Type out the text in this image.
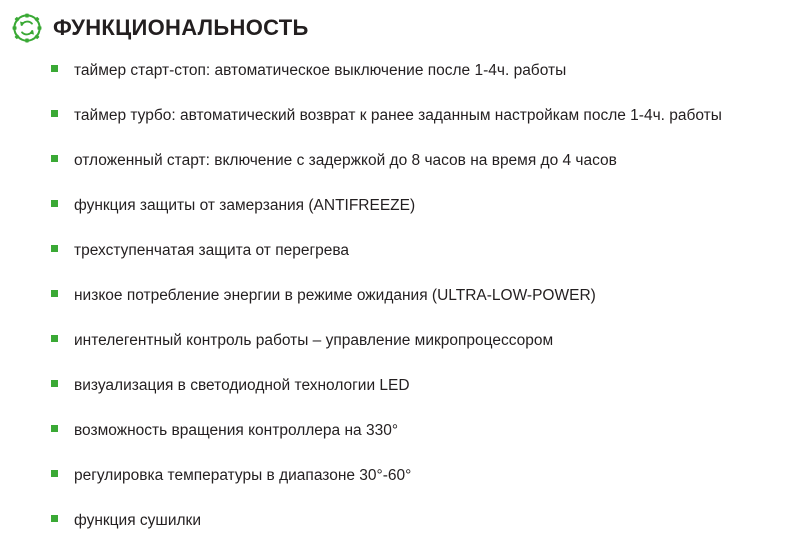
ФУНКЦИОНАЛЬНОСТЬ
таймер старт-стоп: автоматическое выключение после 1-4ч. работы
таймер турбо: автоматический возврат к ранее заданным настройкам после 1-4ч. работы
отложенный старт: включение с задержкой до 8 часов на время до 4 часов
функция защиты от замерзания (ANTIFREEZE)
трехступенчатая защита от перегрева
низкое потребление энергии в режиме ожидания (ULTRA-LOW-POWER)
интелегентный контроль работы – управление микропроцессором
визуализация в светодиодной технологии LED
возможность вращения контроллера на 330°
регулировка температуры в диапазоне 30°-60°
функция сушилки
